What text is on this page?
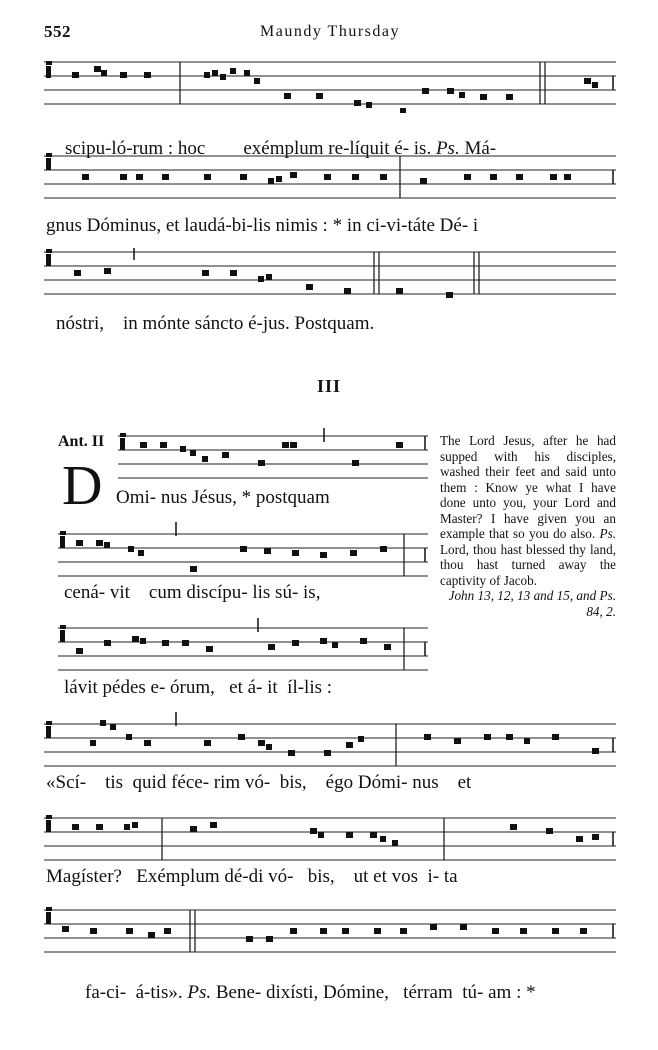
552	Maundy Thursday

scipu-ló-rum : hoc exémplum re-líquit é- is. Ps. Má-

gnus Dóminus, et laudá-bi-lis nimis : * in ci-vi-táte Dé- i
nóstri,    in mónte sáncto é-jus. Postquam.
III
Ant. II
D Omi- nus Jésus, * postquam
cená- vit    cum discípu- lis sú- is,
lávit pédes e- órum,   et á- it  íl-lis :
The Lord Jesus, after he had supped with his disciples, washed their feet and said unto them : Know ye what I have done unto you, your Lord and Master? I have given you an example that so you do also. Ps. Lord, thou hast blessed thy land, thou hast turned away the captivity of Jacob.
John 13, 12, 13 and 15, and Ps. 84, 2.
«Scí-    tis  quid féce- rim vó-  bis,    égo Dómi- nus    et
Magíster?   Exémplum dé-di vó-   bis,    ut et vos  i- ta

fa-ci-  á-tis». Ps. Bene- dixísti, Dómine,   térram  tú- am : *
